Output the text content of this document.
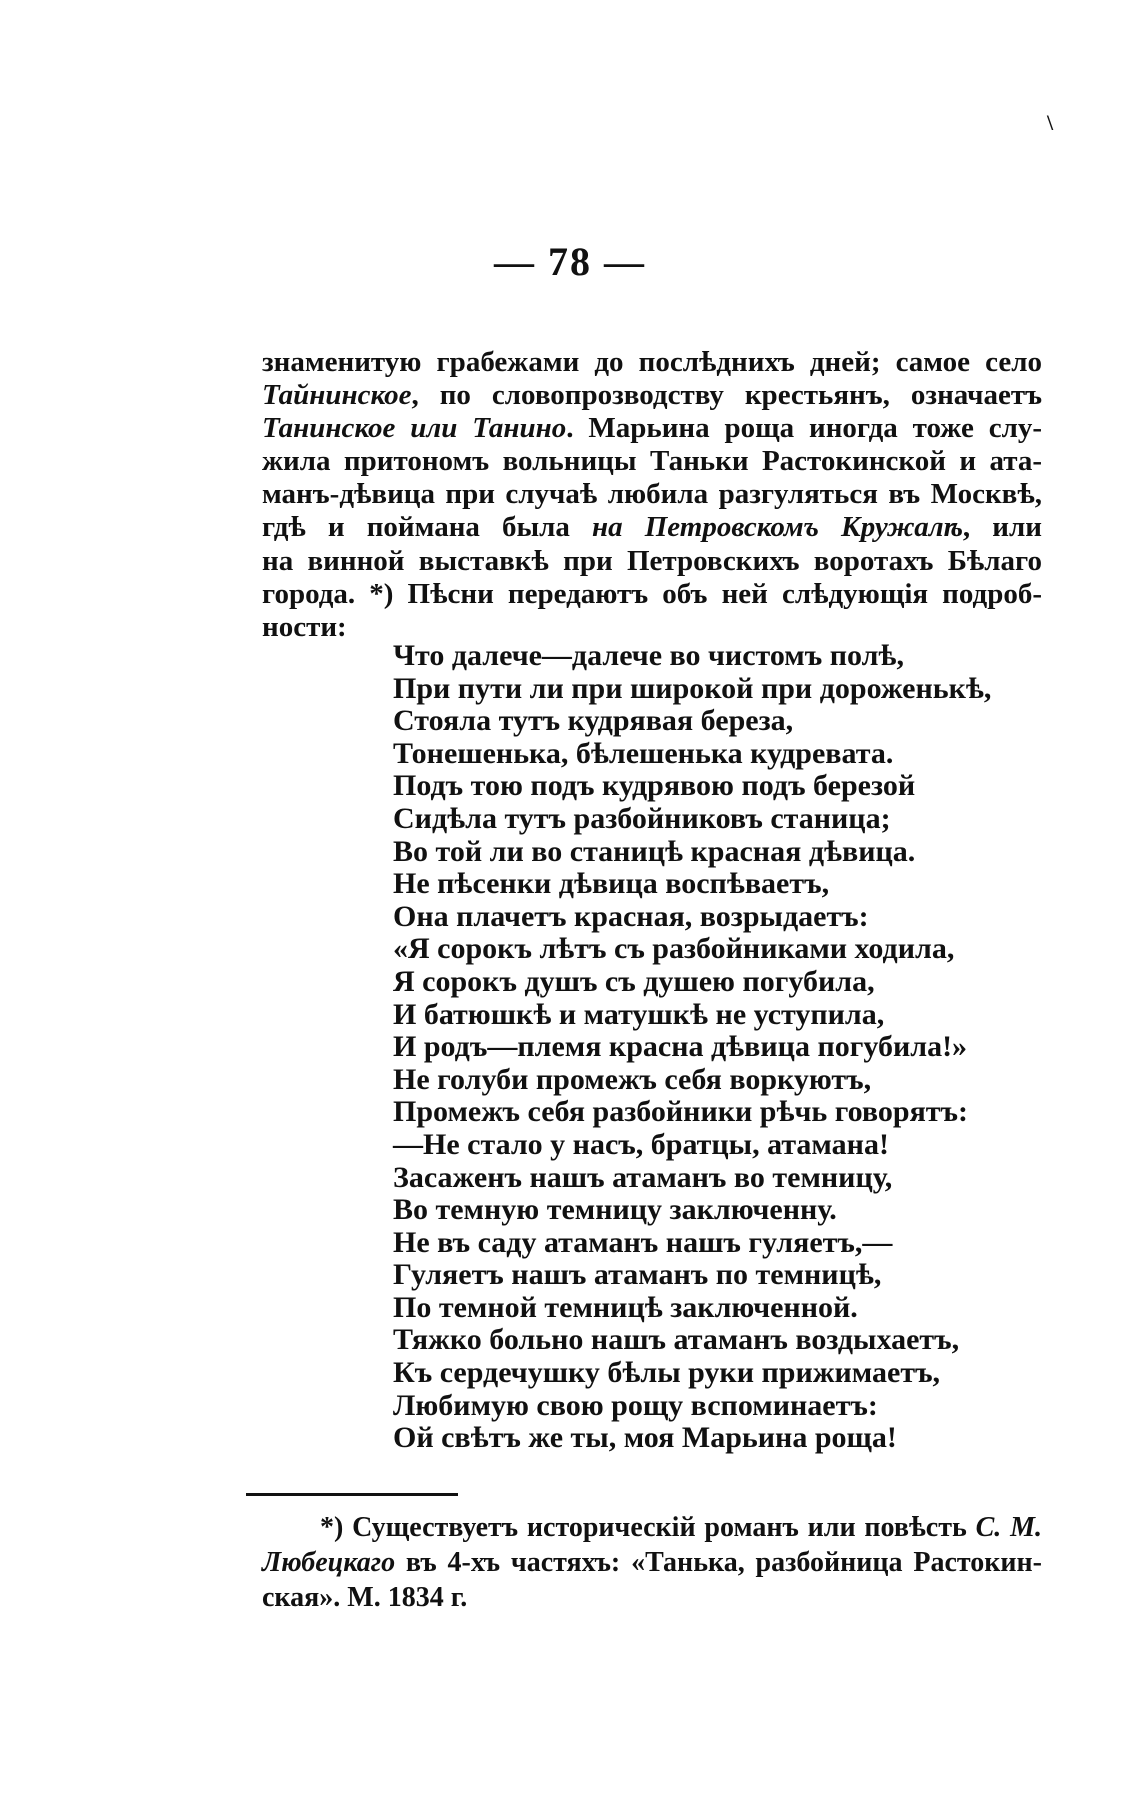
— 78 —
\
знаменитую грабежами до послѣднихъ дней; самое село
Тайнинское, по словопрозводству крестьянъ, означаетъ
Танинское или Танино. Марьина роща иногда тоже слу-
жила притономъ вольницы Таньки Растокинской и ата-
манъ-дѣвица при случаѣ любила разгуляться въ Москвѣ,
гдѣ и поймана была на Петровскомъ Кружалѣ, или
на винной выставкѣ при Петровскихъ воротахъ Бѣлаго
города. *) Пѣсни передаютъ объ ней слѣдующія подроб-
ности:
Что далече—далече во чистомъ полѣ,
При пути ли при широкой при дороженькѣ,
Стояла тутъ кудрявая береза,
Тонешенька, бѣлешенька кудревата.
Подъ тою подъ кудрявою подъ березой
Сидѣла тутъ разбойниковъ станица;
Во той ли во станицѣ красная дѣвица.
Не пѣсенки дѣвица воспѣваетъ,
Она плачетъ красная, возрыдаетъ:
«Я сорокъ лѣтъ съ разбойниками ходила,
Я сорокъ душъ съ душею погубила,
И батюшкѣ и матушкѣ не уступила,
И родъ—племя красна дѣвица погубила!»
Не голуби промежъ себя воркуютъ,
Промежъ себя разбойники рѣчь говорятъ:
—Не стало у насъ, братцы, атамана!
Засаженъ нашъ атаманъ во темницу,
Во темную темницу заключенну.
Не въ саду атаманъ нашъ гуляетъ,—
Гуляетъ нашъ атаманъ по темницѣ,
По темной темницѣ заключенной.
Тяжко больно нашъ атаманъ воздыхаетъ,
Къ сердечушку бѣлы руки прижимаетъ,
Любимую свою рощу вспоминаетъ:
Ой свѣтъ же ты, моя Марьина роща!
*) Существуетъ историческій романъ или повѣсть С. М.
Любецкаго въ 4-хъ частяхъ: «Танька, разбойница Растокин-
ская». М. 1834 г.
